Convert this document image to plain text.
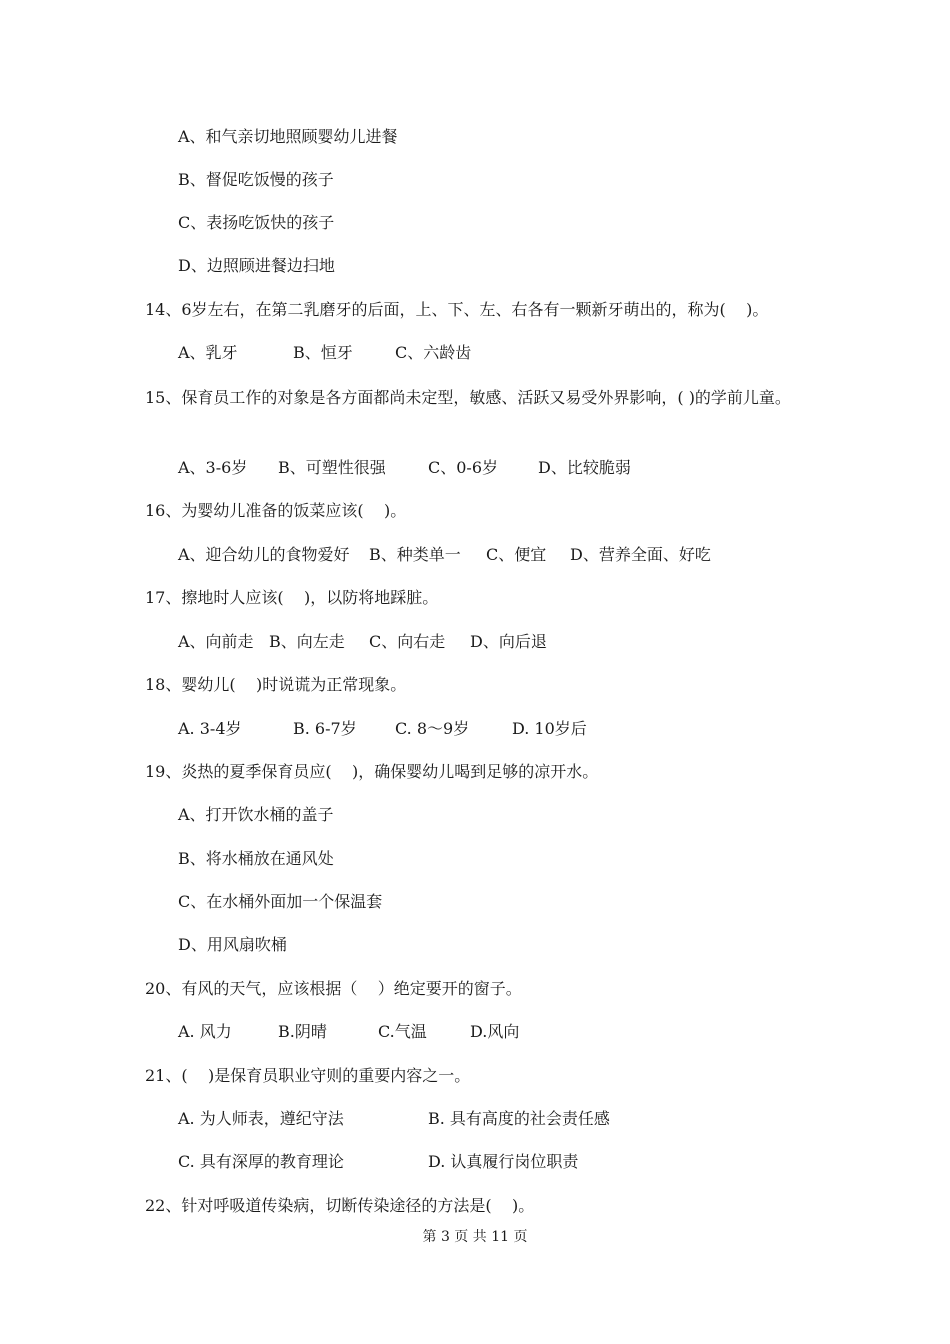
A、和气亲切地照顾婴幼儿进餐
B、督促吃饭慢的孩子
C、表扬吃饭快的孩子
D、边照顾进餐边扫地
14、6岁左右，在第二乳磨牙的后面，上、下、左、右各有一颗新牙萌出的，称为(    )。
A、乳牙	B、恒牙	C、六龄齿
15、保育员工作的对象是各方面都尚未定型，敏感、活跃又易受外界影响，( )的学前儿童。
A、3-6岁 B、可塑性很强	C、0-6岁 D、比较脆弱
16、为婴幼儿准备的饭菜应该(    )。
A、迎合幼儿的食物爱好 B、种类单一 C、便宜 D、营养全面、好吃
17、擦地时人应该(    )，以防将地踩脏。
A、向前走 B、向左走 C、向右走 D、向后退
18、婴幼儿(    )时说谎为正常现象。
A. 3-4岁	B. 6-7岁 C. 8～9岁	D. 10岁后
19、炎热的夏季保育员应(    )，确保婴幼儿喝到足够的凉开水。
A、打开饮水桶的盖子
B、将水桶放在通风处
C、在水桶外面加一个保温套
D、用风扇吹桶
20、有风的天气，应该根据（    ）绝定要开的窗子。
A. 风力	B.阴晴	C.气温	D.风向
21、(    )是保育员职业守则的重要内容之一。
A. 为人师表，遵纪守法	B. 具有高度的社会责任感
C. 具有深厚的教育理论	D. 认真履行岗位职责
22、针对呼吸道传染病，切断传染途径的方法是(    )。
第 3 页 共 11 页
